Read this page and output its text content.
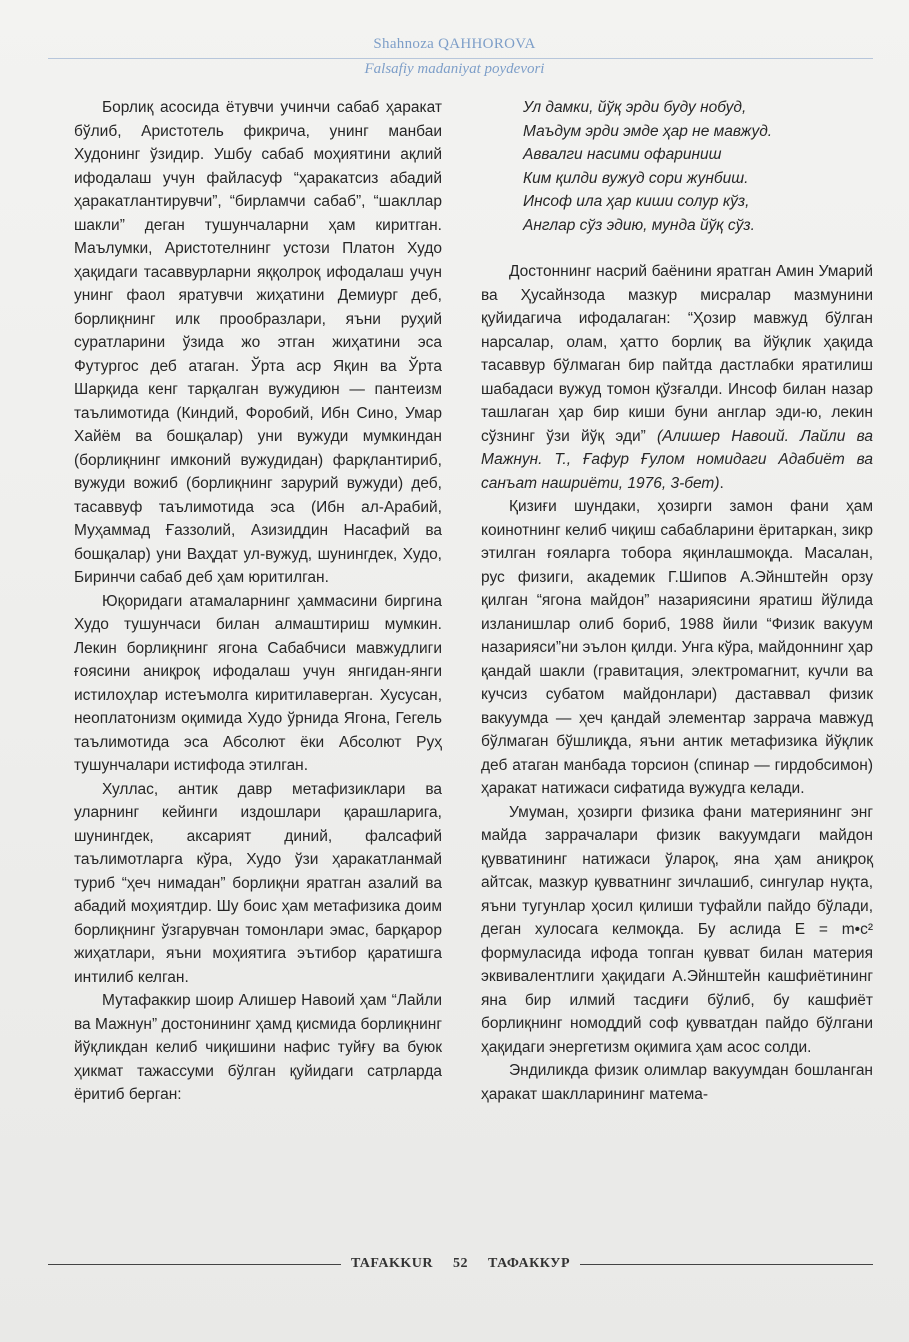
Shahnoza QAHHOROVA
Falsafiy madaniyat poydevori

Борлиқ асосида ётувчи учинчи сабаб ҳаракат бўлиб, Аристотель фикрича, унинг манбаи Худонинг ўзидир. Ушбу сабаб моҳиятини ақлий ифодалаш учун файласуф “ҳаракатсиз абадий ҳаракатлантирувчи”, “бирламчи сабаб”, “шакллар шакли” деган тушунчаларни ҳам киритган. Маълумки, Аристотелнинг устози Платон Худо ҳақидаги тасаввурларни яққолроқ ифодалаш учун унинг фаол яратувчи жиҳатини Демиург деб, борлиқнинг илк прообразлари, яъни руҳий суратларини ўзида жо этган жиҳатини эса Футургос деб атаган. Ўрта аср Яқин ва Ўрта Шарқида кенг тарқалган вужудиюн — пантеизм таълимотида (Киндий, Форобий, Ибн Сино, Умар Хайём ва бошқалар) уни вужуди мумкиндан (борлиқнинг имконий вужудидан) фарқлантириб, вужуди вожиб (борлиқнинг зарурий вужуди) деб, тасаввуф таълимотида эса (Ибн ал-Арабий, Муҳаммад Ғаззолий, Азизиддин Насафий ва бошқалар) уни Ваҳдат ул-вужуд, шунингдек, Худо, Биринчи сабаб деб ҳам юритилган.

Юқоридаги атамаларнинг ҳаммасини биргина Худо тушунчаси билан алмаштириш мумкин. Лекин борлиқнинг ягона Сабабчиси мавжудлиги ғоясини аниқроқ ифодалаш учун янгидан-янги истилоҳлар истеъмолга киритилаверган. Хусусан, неоплатонизм оқимида Худо ўрнида Ягона, Гегель таълимотида эса Абсолют ёки Абсолют Руҳ тушунчалари истифода этилган.

Хуллас, антик давр метафизиклари ва уларнинг кейинги издошлари қарашларига, шунингдек, аксарият диний, фалсафий таълимотларга кўра, Худо ўзи ҳаракатланмай туриб “ҳеч нимадан” борлиқни яратган азалий ва абадий моҳиятдир. Шу боис ҳам метафизика доим борлиқнинг ўзгарувчан томонлари эмас, барқарор жиҳатлари, яъни моҳиятига эътибор қаратишга интилиб келган.

Мутафаккир шоир Алишер Навоий ҳам “Лайли ва Мажнун” достонининг ҳамд қисмида борлиқнинг йўқликдан келиб чиқишини нафис туйғу ва буюк ҳикмат тажассуми бўлган қуйидаги сатрларда ёритиб берган:

Ул дамки, йўқ эрди буду нобуд,
Маъдум эрди эмде ҳар не мавжуд.
Аввалги насими офариниш
Ким қилди вужуд сори жунбиш.
Инсоф ила ҳар киши солур кўз,
Англар сўз эдию, мунда йўқ сўз.

Достоннинг насрий баёнини яратган Амин Умарий ва Ҳусайнзода мазкур мисралар мазмунини қуйидагича ифодалаган: “Ҳозир мавжуд бўлган нарсалар, олам, ҳатто борлиқ ва йўқлик ҳақида тасаввур бўлмаган бир пайтда дастлабки яратилиш шабадаси вужуд томон қўзғалди. Инсоф билан назар ташлаган ҳар бир киши буни англар эди-ю, лекин сўзнинг ўзи йўқ эди” (Алишер Навоий. Лайли ва Мажнун. Т., Ғафур Ғулом номидаги Адабиёт ва санъат нашриёти, 1976, 3-бет).

Қизиғи шундаки, ҳозирги замон фани ҳам коинотнинг келиб чиқиш сабабларини ёритаркан, зикр этилган ғояларга тобора яқинлашмоқда. Масалан, рус физиги, академик Г.Шипов А.Эйнштейн орзу қилган “ягона майдон” назариясини яратиш йўлида изланишлар олиб бориб, 1988 йили “Физик вакуум назарияси”ни эълон қилди. Унга кўра, майдоннинг ҳар қандай шакли (гравитация, электромагнит, кучли ва кучсиз субатом майдонлари) даставвал физик вакуумда — ҳеч қандай элементар заррача мавжуд бўлмаган бўшлиқда, яъни антик метафизика йўқлик деб атаган манбада торсион (спинар — гирдобсимон) ҳаракат натижаси сифатида вужудга келади.

Умуман, ҳозирги физика фани материянинг энг майда заррачалари физик вакуумдаги майдон қувватининг натижаси ўлароқ, яна ҳам аниқроқ айтсак, мазкур қувватнинг зичлашиб, сингулар нуқта, яъни тугунлар ҳосил қилиши туфайли пайдо бўлади, деган хулосага келмоқда. Бу аслида E = m•c² формуласида ифода топган қувват билан материя эквивалентлиги ҳақидаги А.Эйнштейн кашфиётининг яна бир илмий тасдиғи бўлиб, бу кашфиёт борлиқнинг номоддий соф қувватдан пайдо бўлгани ҳақидаги энергетизм оқимига ҳам асос солди.

Эндиликда физик олимлар вакуумдан бошланган ҳаракат шаклларининг матема-

TAFAKKUR	52	ТАФАККУР
